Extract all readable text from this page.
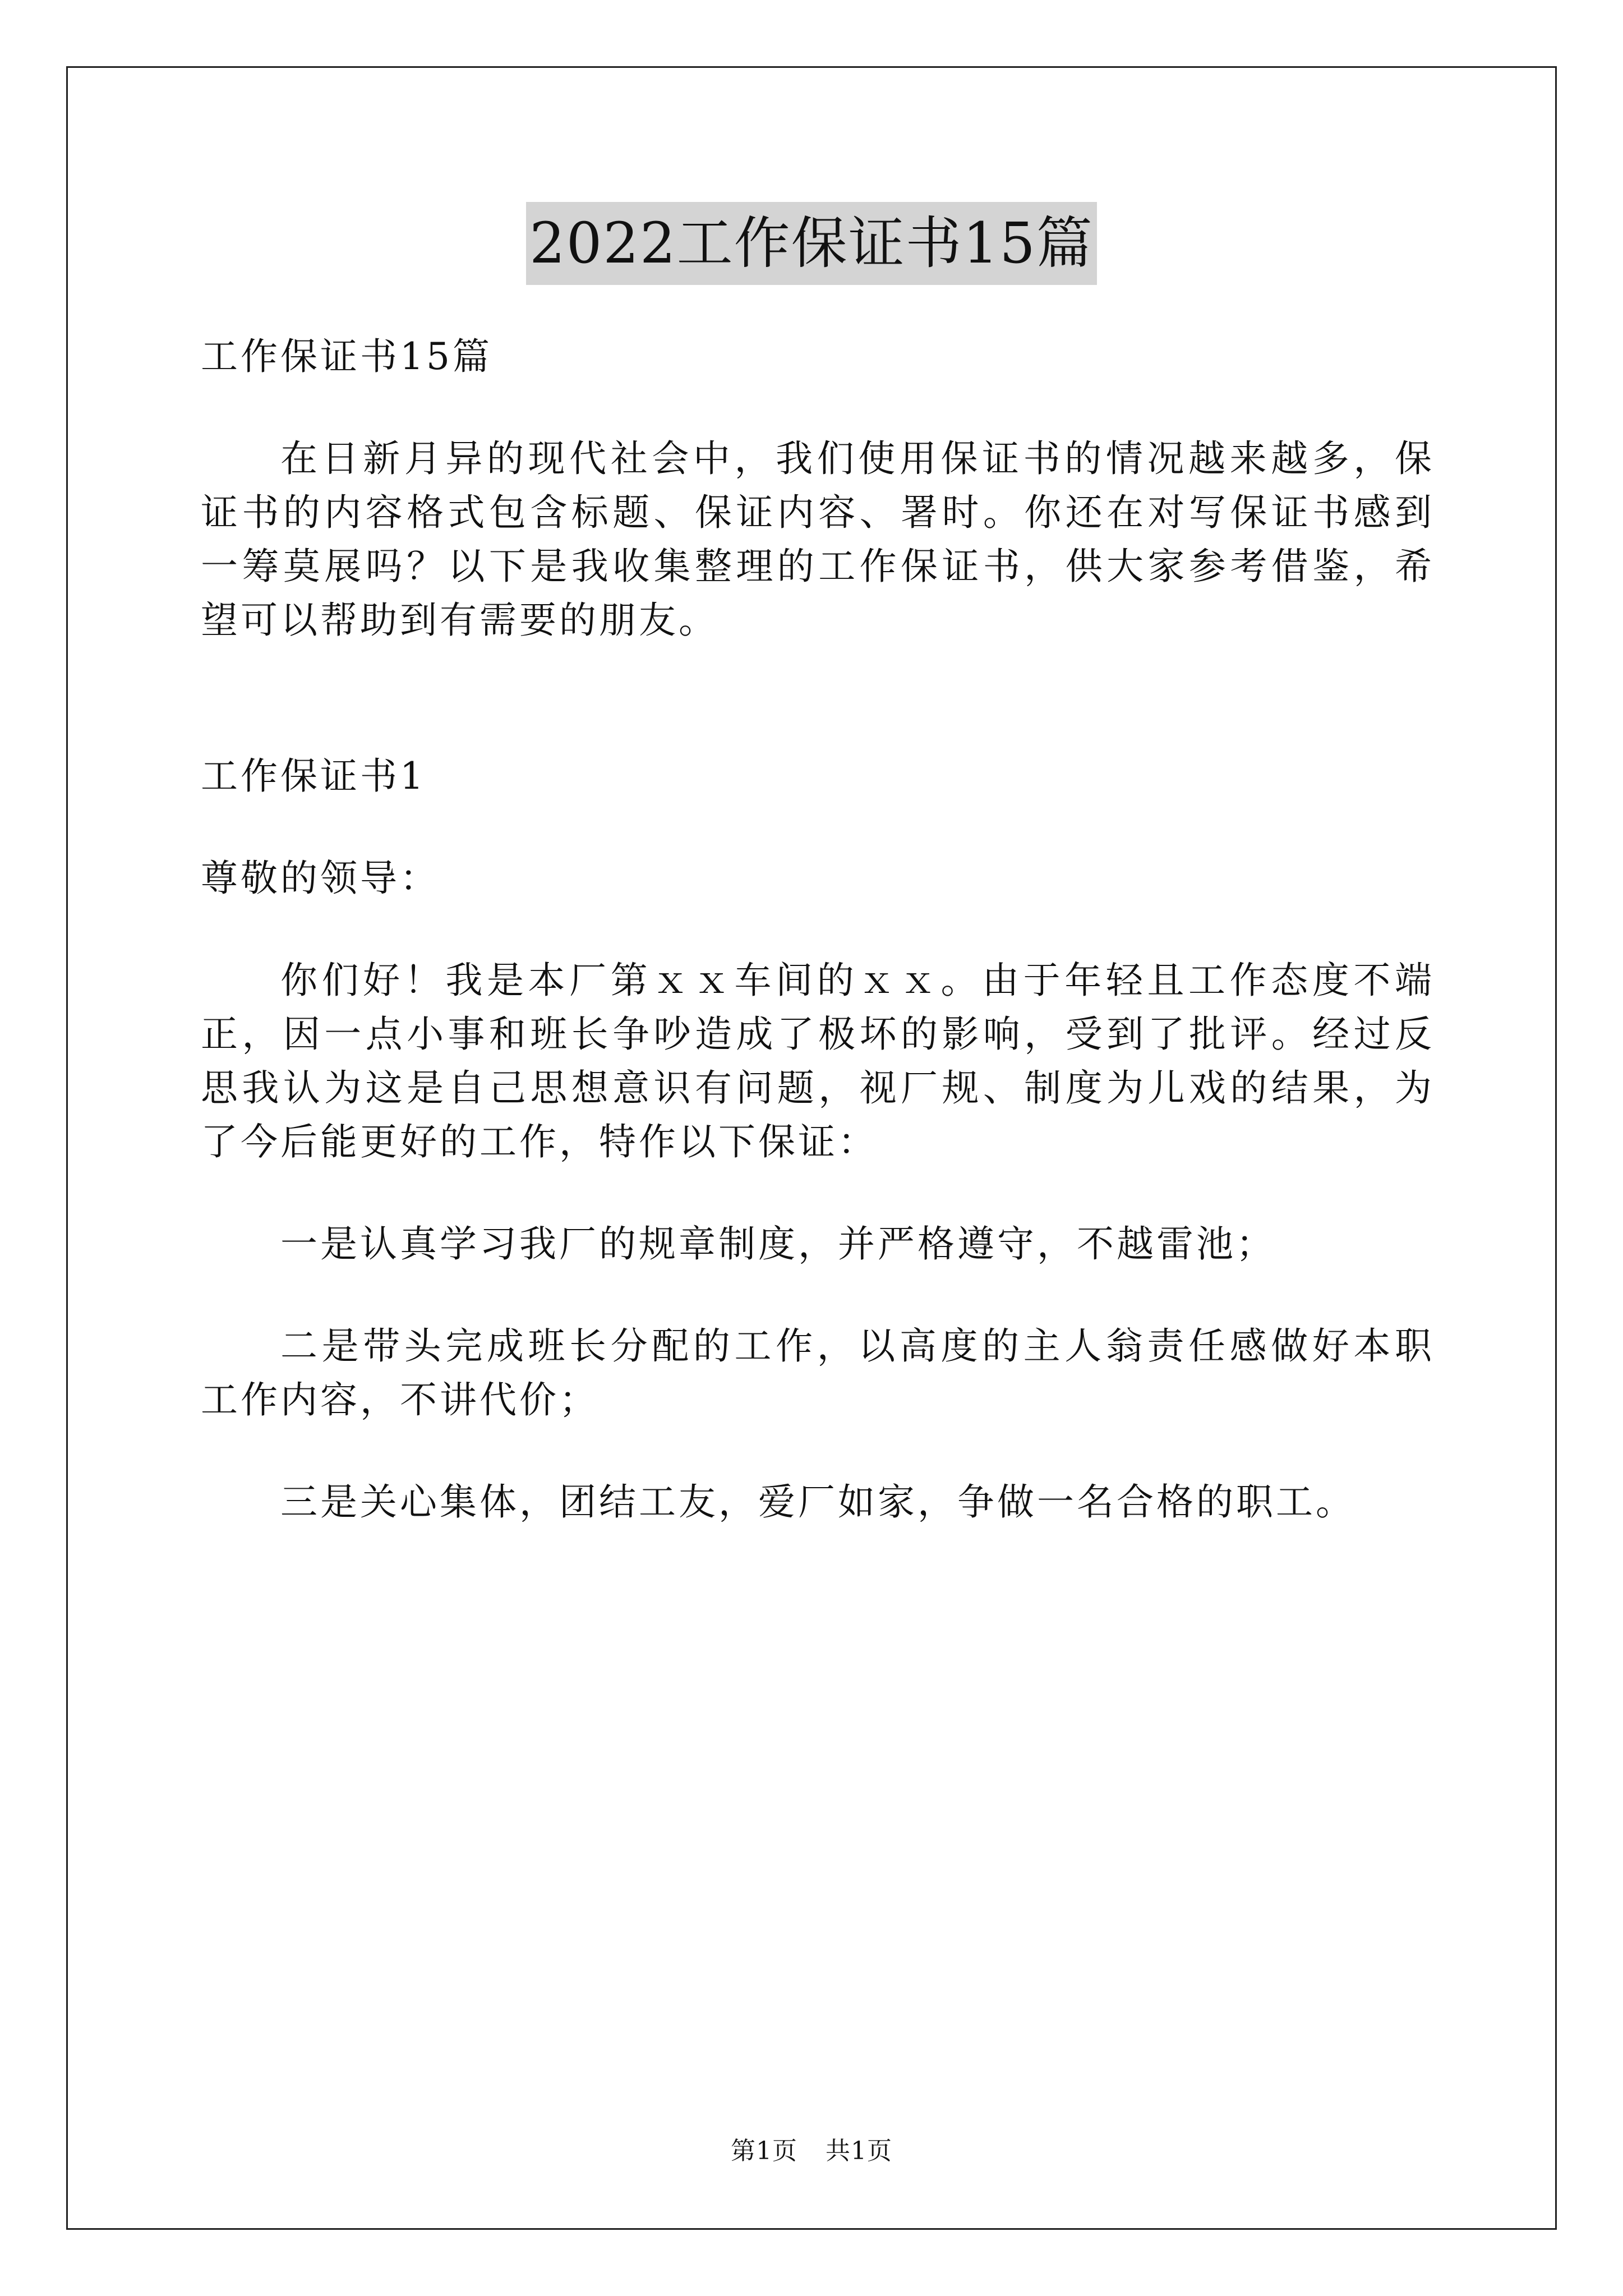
2022工作保证书15篇

工作保证书15篇

在日新月异的现代社会中，我们使用保证书的情况越来越多，保证书的内容格式包含标题、保证内容、署时。你还在对写保证书感到一筹莫展吗？以下是我收集整理的工作保证书，供大家参考借鉴，希望可以帮助到有需要的朋友。

工作保证书1

尊敬的领导：

你们好！我是本厂第ｘｘ车间的ｘｘ。由于年轻且工作态度不端正，因一点小事和班长争吵造成了极坏的影响，受到了批评。经过反思我认为这是自己思想意识有问题，视厂规、制度为儿戏的结果，为了今后能更好的工作，特作以下保证：

一是认真学习我厂的规章制度，并严格遵守，不越雷池；

二是带头完成班长分配的工作，以高度的主人翁责任感做好本职工作内容，不讲代价；

三是关心集体，团结工友，爱厂如家，争做一名合格的职工。

第1页 共1页
